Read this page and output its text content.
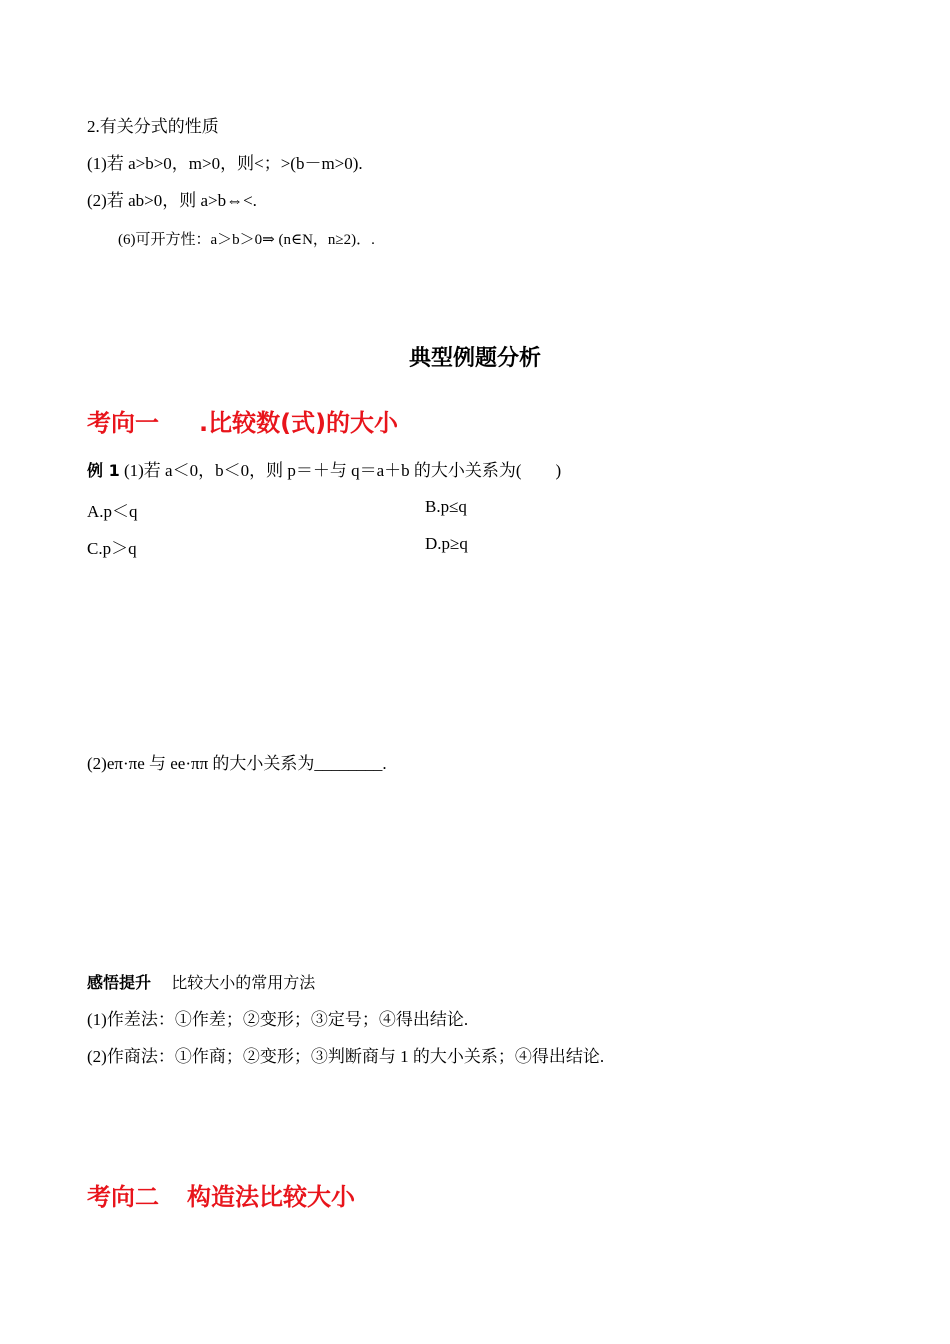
2.有关分式的性质
(1)若 a>b>0，m>0，则<；>(b－m>0).
(2)若 ab>0，则 a>b⇔<.
(6)可开方性：a＞b＞0⇒ (n∈N，n≥2)．.
典型例题分析
考向一 .比较数(式)的大小
例 1 (1)若 a＜0，b＜0，则 p＝＋与 q＝a＋b 的大小关系为(　　)
A.p＜q	B.p≤q
C.p＞q	D.p≥q
(2)eπ·πe 与 ee·ππ 的大小关系为________.
感悟提升 比较大小的常用方法
(1)作差法：①作差；②变形；③定号；④得出结论.
(2)作商法：①作商；②变形；③判断商与 1 的大小关系；④得出结论.
考向二 构造法比较大小
